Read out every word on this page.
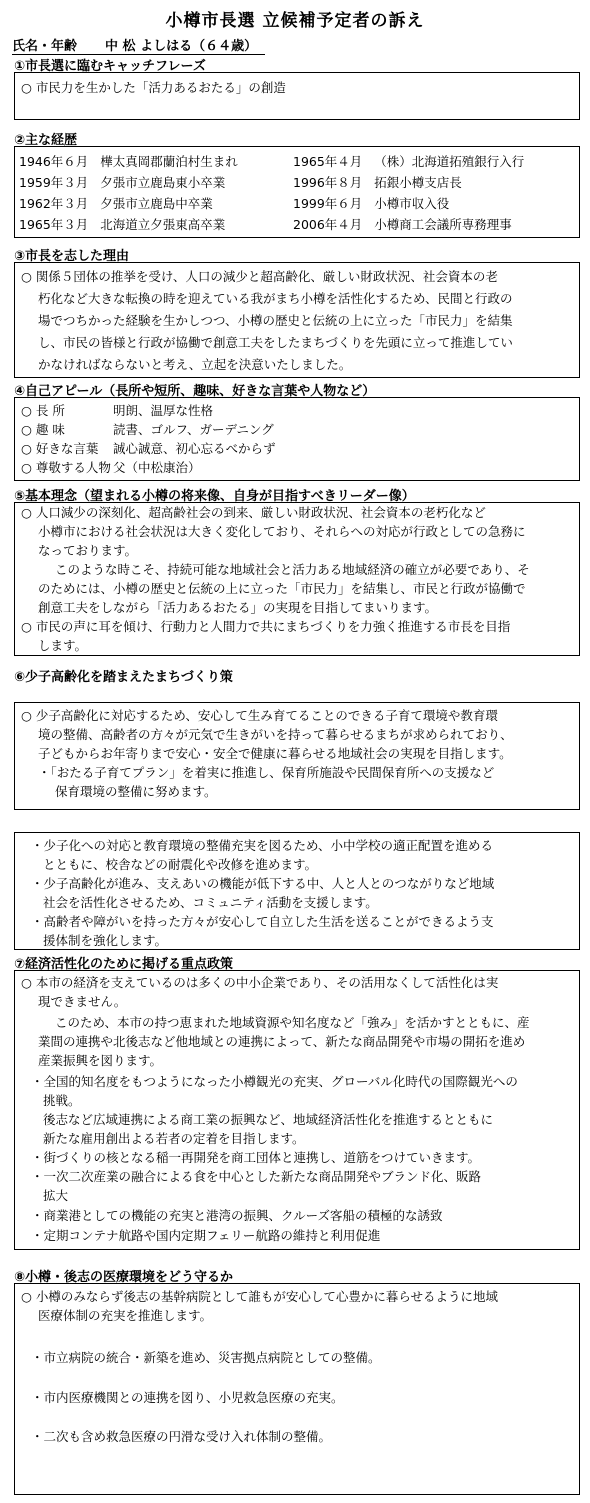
小樽市長選 立候補予定者の訴え
氏名・年齢 中 松 よしはる（６４歳）
①市長選に臨むキャッチフレーズ
○ 市民力を生かした「活力あるおたる」の創造
②主な経歴
1946年６月 樺太真岡郡蘭泊村生まれ
1959年３月 夕張市立鹿島東小卒業
1962年３月 夕張市立鹿島中卒業
1965年３月 北海道立夕張東高卒業
1965年４月 （株）北海道拓殖銀行入行
1996年８月 拓銀小樽支店長
1999年６月 小樽市収入役
2006年４月 小樽商工会議所専務理事
③市長を志した理由
○ 関係５団体の推挙を受け、人口の減少と超高齢化、厳しい財政状況、社会資本の老
朽化など大きな転換の時を迎えている我がまち小樽を活性化するため、民間と行政の
場でつちかった経験を生かしつつ、小樽の歴史と伝統の上に立った「市民力」を結集
し、市民の皆様と行政が協働で創意工夫をしたまちづくりを先頭に立って推進してい
かなければならないと考え、立起を決意いたしました。
④自己アピール（長所や短所、趣味、好きな言葉や人物など）
○ 長 所	明朗、温厚な性格
○ 趣 味	読書、ゴルフ、ガーデニング
○ 好きな言葉 誠心誠意、初心忘るべからず
○ 尊敬する人物 父（中松康治）
⑤基本理念（望まれる小樽の将来像、自身が目指すべきリーダー像）
○ 人口減少の深刻化、超高齢社会の到来、厳しい財政状況、社会資本の老朽化など
小樽市における社会状況は大きく変化しており、それらへの対応が行政としての急務に
なっております。
このような時こそ、持続可能な地域社会と活力ある地域経済の確立が必要であり、そ
のためには、小樽の歴史と伝統の上に立った「市民力」を結集し、市民と行政が協働で
創意工夫をしながら「活力あるおたる」の実現を目指してまいります。
○ 市民の声に耳を傾け、行動力と人間力で共にまちづくりを力強く推進する市長を目指
します。
⑥少子高齢化を踏まえたまちづくり策
○ 少子高齢化に対応するため、安心して生み育てることのできる子育て環境や教育環
境の整備、高齢者の方々が元気で生きがいを持って暮らせるまちが求められており、
子どもからお年寄りまで安心・安全で健康に暮らせる地域社会の実現を目指します。
・「おたる子育てプラン」を着実に推進し、保育所施設や民間保育所への支援など
保育環境の整備に努めます。
・少子化への対応と教育環境の整備充実を図るため、小中学校の適正配置を進める
とともに、校舎などの耐震化や改修を進めます。
・少子高齢化が進み、支えあいの機能が低下する中、人と人とのつながりなど地域
社会を活性化させるため、コミュニティ活動を支援します。
・高齢者や障がいを持った方々が安心して自立した生活を送ることができるよう支
援体制を強化します。
⑦経済活性化のために掲げる重点政策
○ 本市の経済を支えているのは多くの中小企業であり、その活用なくして活性化は実
現できません。
このため、本市の持つ恵まれた地域資源や知名度など「強み」を活かすとともに、産
業間の連携や北後志など他地域との連携によって、新たな商品開発や市場の開拓を進め
産業振興を図ります。
・全国的知名度をもつようになった小樽観光の充実、グローバル化時代の国際観光への
挑戦。
後志など広域連携による商工業の振興など、地域経済活性化を推進するとともに
新たな雇用創出よる若者の定着を目指します。
・街づくりの核となる稲一再開発を商工団体と連携し、道筋をつけていきます。
・一次二次産業の融合による食を中心とした新たな商品開発やブランド化、販路
拡大
・商業港としての機能の充実と港湾の振興、クルーズ客船の積極的な誘致
・定期コンテナ航路や国内定期フェリー航路の維持と利用促進
⑧小樽・後志の医療環境をどう守るか
○ 小樽のみならず後志の基幹病院として誰もが安心して心豊かに暮らせるように地域
医療体制の充実を推進します。
・市立病院の統合・新築を進め、災害拠点病院としての整備。
・市内医療機関との連携を図り、小児救急医療の充実。
・二次も含め救急医療の円滑な受け入れ体制の整備。
